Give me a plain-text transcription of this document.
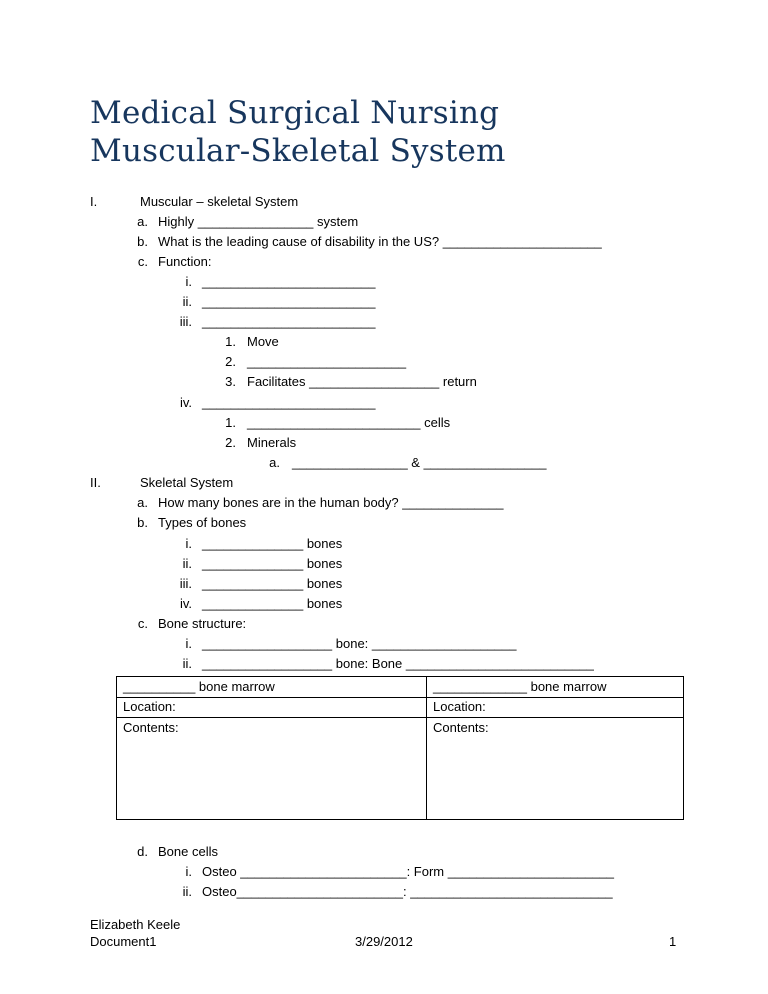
Medical Surgical Nursing
Muscular-Skeletal System
I.	Muscular – skeletal System
a. Highly ________________ system
b. What is the leading cause of disability in the US? ______________________
c. Function:
i. ________________________
ii. ________________________
iii. ________________________
1. Move
2. ______________________
3. Facilitates __________________ return
iv. ________________________
1. ________________________ cells
2. Minerals
a. ________________ & _________________
II.	Skeletal System
a. How many bones are in the human body? ______________
b. Types of bones
i. ______________ bones
ii. ______________ bones
iii. ______________ bones
iv. ______________ bones
c. Bone structure:
i. __________________ bone: ____________________
ii. __________________ bone: Bone __________________________
__________ bone marrow	_____________ bone marrow
Location:	Location:
Contents:	Contents:
d. Bone cells
i. Osteo _______________________: Form _______________________
ii. Osteo_______________________: ____________________________
Elizabeth Keele
Document1	3/29/2012	1
